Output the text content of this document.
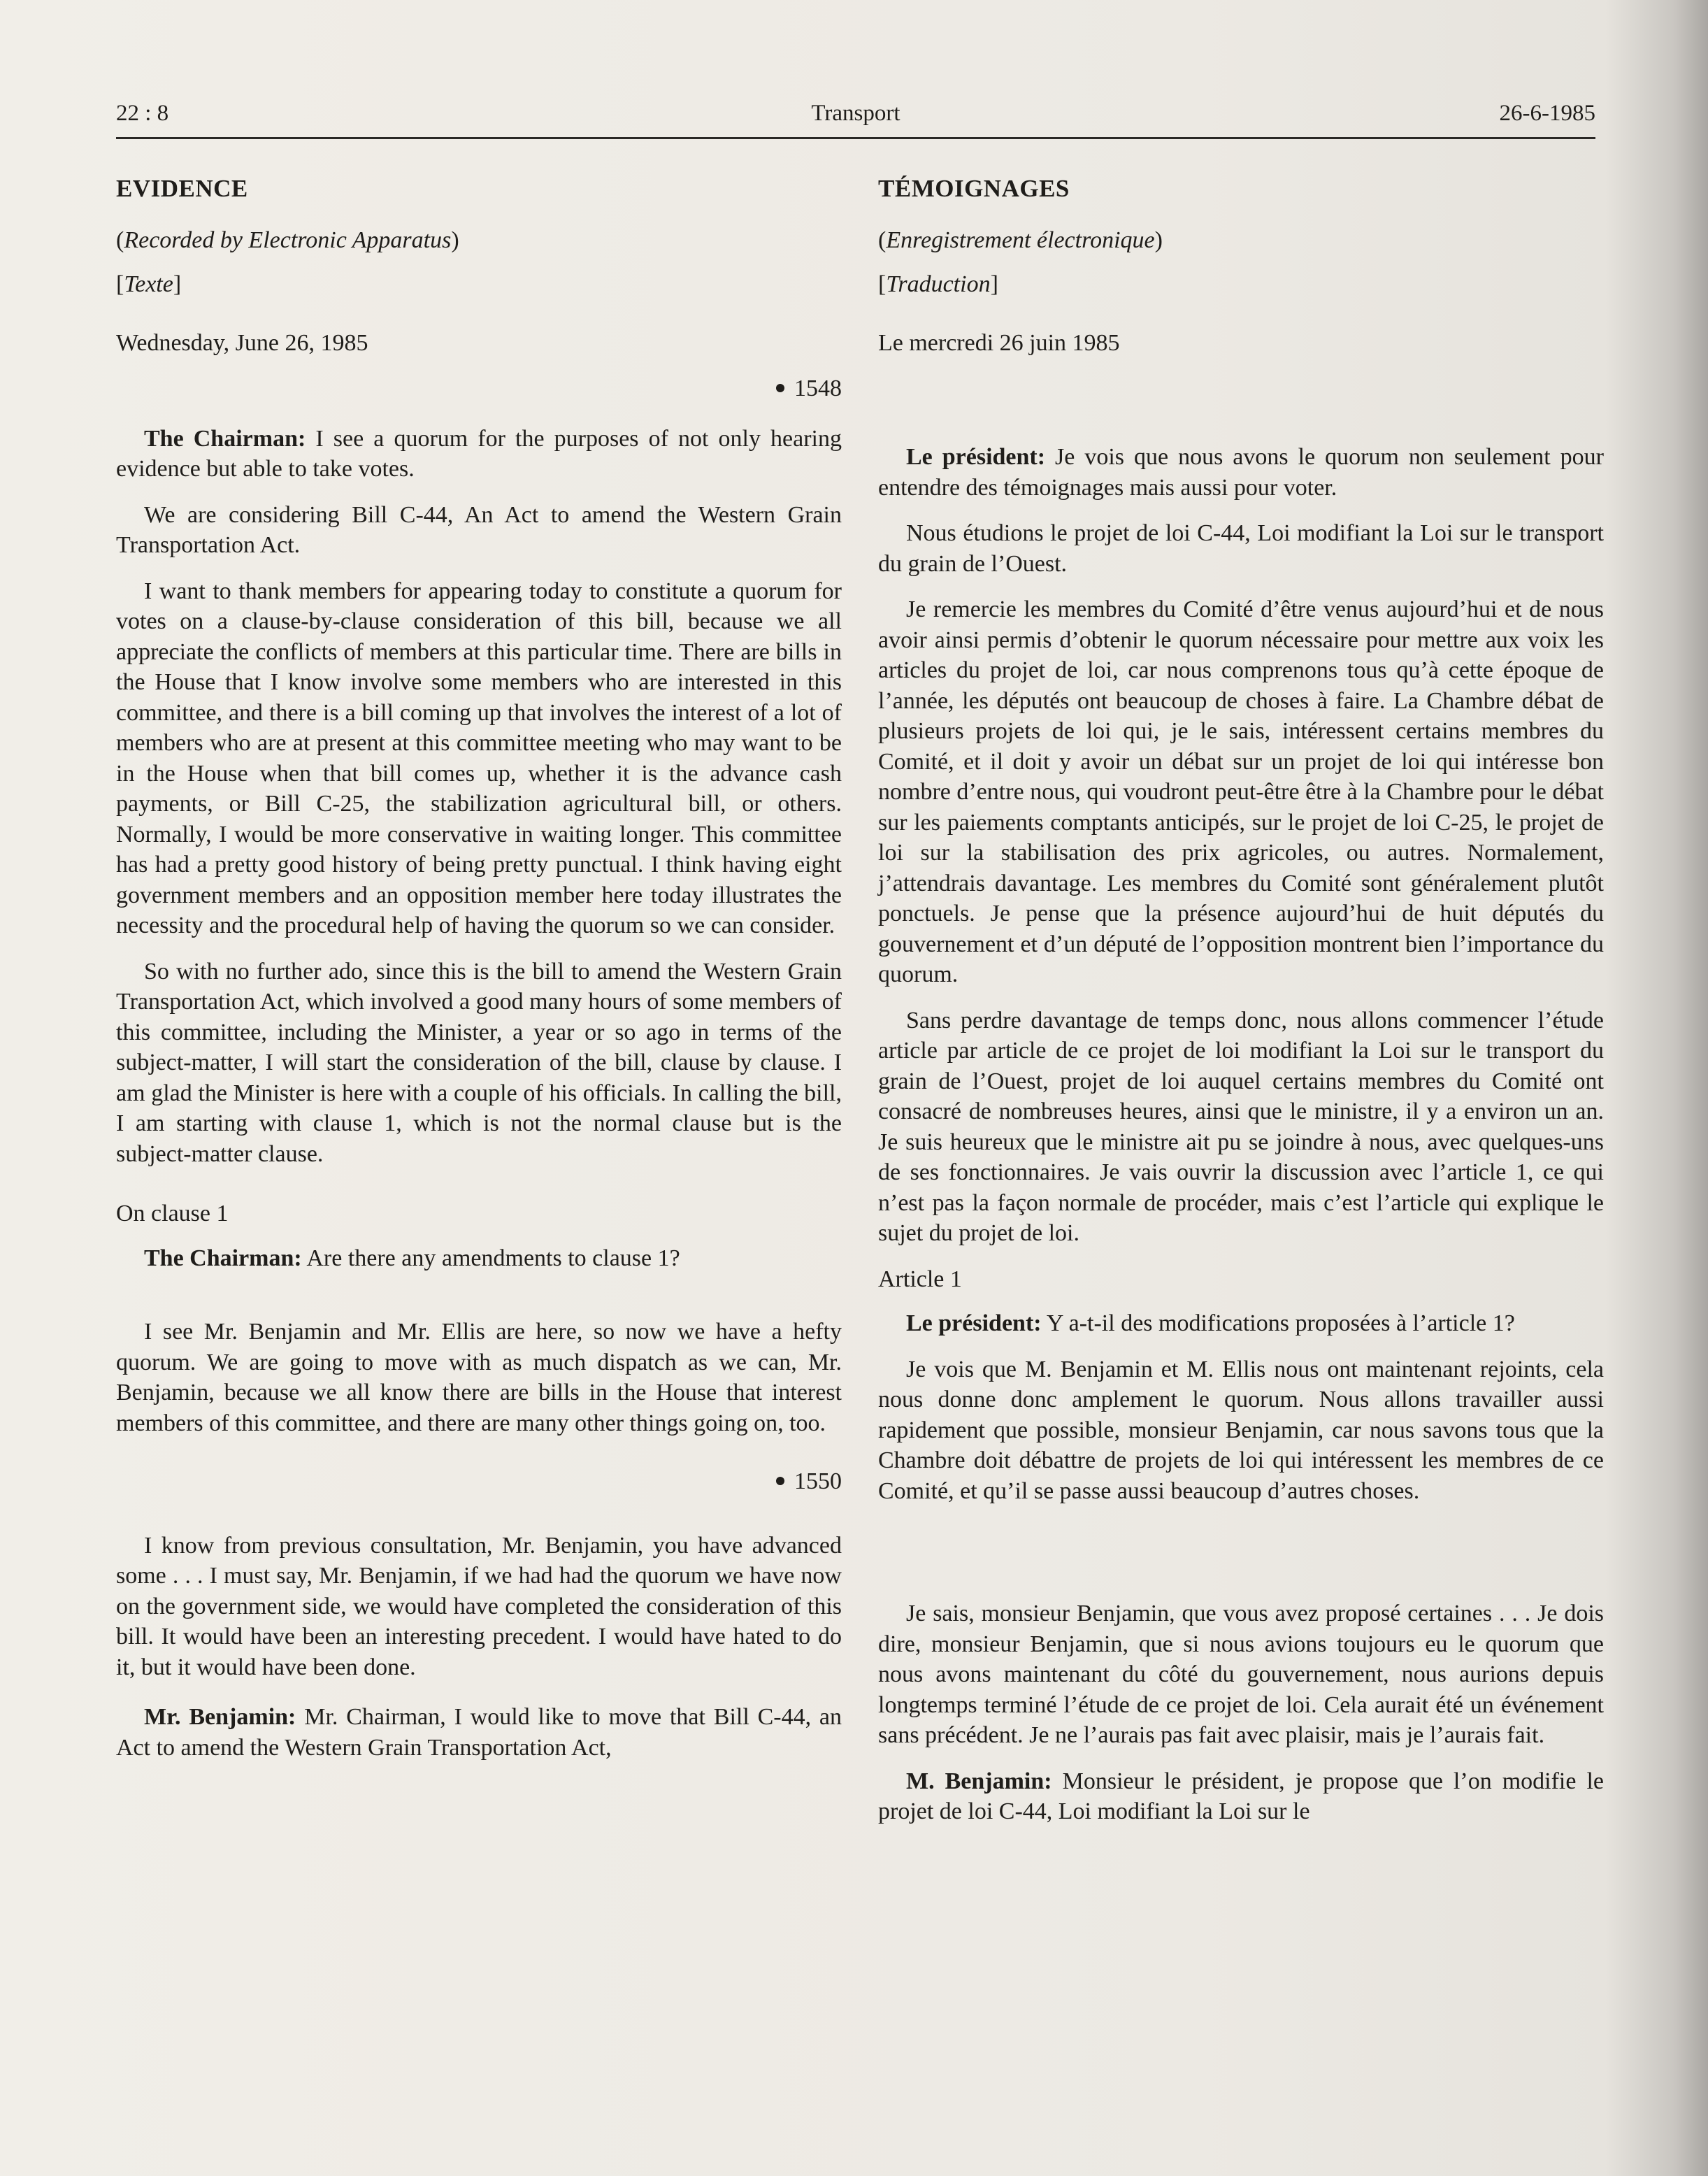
22 : 8	Transport	26-6-1985
EVIDENCE
(Recorded by Electronic Apparatus)
[Texte]
Wednesday, June 26, 1985
1548

The Chairman: I see a quorum for the purposes of not only hearing evidence but able to take votes.

We are considering Bill C-44, An Act to amend the Western Grain Transportation Act.

I want to thank members for appearing today to constitute a quorum for votes on a clause-by-clause consideration of this bill, because we all appreciate the conflicts of members at this particular time. There are bills in the House that I know involve some members who are interested in this committee, and there is a bill coming up that involves the interest of a lot of members who are at present at this committee meeting who may want to be in the House when that bill comes up, whether it is the advance cash payments, or Bill C-25, the stabilization agricultural bill, or others. Normally, I would be more conservative in waiting longer. This committee has had a pretty good history of being pretty punctual. I think having eight government members and an opposition member here today illustrates the necessity and the procedural help of having the quorum so we can consider.

So with no further ado, since this is the bill to amend the Western Grain Transportation Act, which involved a good many hours of some members of this committee, including the Minister, a year or so ago in terms of the subject-matter, I will start the consideration of the bill, clause by clause. I am glad the Minister is here with a couple of his officials. In calling the bill, I am starting with clause 1, which is not the normal clause but is the subject-matter clause.

On clause 1

The Chairman: Are there any amendments to clause 1?

I see Mr. Benjamin and Mr. Ellis are here, so now we have a hefty quorum. We are going to move with as much dispatch as we can, Mr. Benjamin, because we all know there are bills in the House that interest members of this committee, and there are many other things going on, too.

1550

I know from previous consultation, Mr. Benjamin, you have advanced some . . . I must say, Mr. Benjamin, if we had had the quorum we have now on the government side, we would have completed the consideration of this bill. It would have been an interesting precedent. I would have hated to do it, but it would have been done.

Mr. Benjamin: Mr. Chairman, I would like to move that Bill C-44, an Act to amend the Western Grain Transportation Act,

TÉMOIGNAGES
(Enregistrement électronique)
[Traduction]
Le mercredi 26 juin 1985

Le président: Je vois que nous avons le quorum non seulement pour entendre des témoignages mais aussi pour voter.

Nous étudions le projet de loi C-44, Loi modifiant la Loi sur le transport du grain de l’Ouest.

Je remercie les membres du Comité d’être venus aujourd’hui et de nous avoir ainsi permis d’obtenir le quorum nécessaire pour mettre aux voix les articles du projet de loi, car nous comprenons tous qu’à cette époque de l’année, les députés ont beaucoup de choses à faire. La Chambre débat de plusieurs projets de loi qui, je le sais, intéressent certains membres du Comité, et il doit y avoir un débat sur un projet de loi qui intéresse bon nombre d’entre nous, qui voudront peut-être être à la Chambre pour le débat sur les paiements comptants anticipés, sur le projet de loi C-25, le projet de loi sur la stabilisation des prix agricoles, ou autres. Normalement, j’attendrais davantage. Les membres du Comité sont généralement plutôt ponctuels. Je pense que la présence aujourd’hui de huit députés du gouvernement et d’un député de l’opposition montrent bien l’importance du quorum.

Sans perdre davantage de temps donc, nous allons commencer l’étude article par article de ce projet de loi modifiant la Loi sur le transport du grain de l’Ouest, projet de loi auquel certains membres du Comité ont consacré de nombreuses heures, ainsi que le ministre, il y a environ un an. Je suis heureux que le ministre ait pu se joindre à nous, avec quelques-uns de ses fonctionnaires. Je vais ouvrir la discussion avec l’article 1, ce qui n’est pas la façon normale de procéder, mais c’est l’article qui explique le sujet du projet de loi.

Article 1

Le président: Y a-t-il des modifications proposées à l’article 1?

Je vois que M. Benjamin et M. Ellis nous ont maintenant rejoints, cela nous donne donc amplement le quorum. Nous allons travailler aussi rapidement que possible, monsieur Benjamin, car nous savons tous que la Chambre doit débattre de projets de loi qui intéressent les membres de ce Comité, et qu’il se passe aussi beaucoup d’autres choses.

Je sais, monsieur Benjamin, que vous avez proposé certaines . . . Je dois dire, monsieur Benjamin, que si nous avions toujours eu le quorum que nous avons maintenant du côté du gouvernement, nous aurions depuis longtemps terminé l’étude de ce projet de loi. Cela aurait été un événement sans précédent. Je ne l’aurais pas fait avec plaisir, mais je l’aurais fait.

M. Benjamin: Monsieur le président, je propose que l’on modifie le projet de loi C-44, Loi modifiant la Loi sur le
